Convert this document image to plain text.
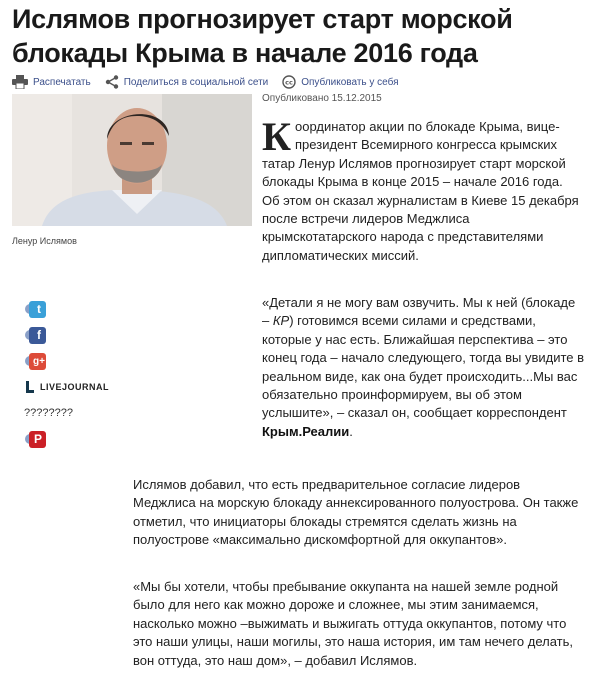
Ислямов прогнозирует старт морской блокады Крыма в начале 2016 года
Распечатать	Поделиться в социальной сети	cc Опубликовать у себя
Ленур Ислямов
Опубликовано 15.12.2015
Координатор акции по блокаде Крыма, вице-президент Всемирного конгресса крымских татар Ленур Ислямов прогнозирует старт морской блокады Крыма в конце 2015 – начале 2016 года. Об этом он сказал журналистам в Киеве 15 декабря после встречи лидеров Меджлиса крымскотатарского народа с представителями дипломатических миссий.

«Детали я не могу вам озвучить. Мы к ней (блокаде – КР) готовимся всеми силами и средствами, которые у нас есть. Ближайшая перспектива – это конец года – начало следующего, тогда вы увидите в реальном виде, как она будет происходить...Мы вас обязательно проинформируем, вы об этом услышите», – сказал он, сообщает корреспондент Крым.Реалии.

t
f
g+
LIVEJOURNAL
????????
P

Ислямов добавил, что есть предварительное согласие лидеров Меджлиса на морскую блокаду аннексированного полуострова. Он также отметил, что инициаторы блокады стремятся сделать жизнь на полуострове «максимально дискомфортной для оккупантов».

«Мы бы хотели, чтобы пребывание оккупанта на нашей земле родной было для него как можно дороже и сложнее, мы этим занимаемся, насколько можно –выжимать и выжигать оттуда оккупантов, потому что это наши улицы, наши могилы, это наша история, им там нечего делать, вон оттуда, это наш дом», – добавил Ислямов.
